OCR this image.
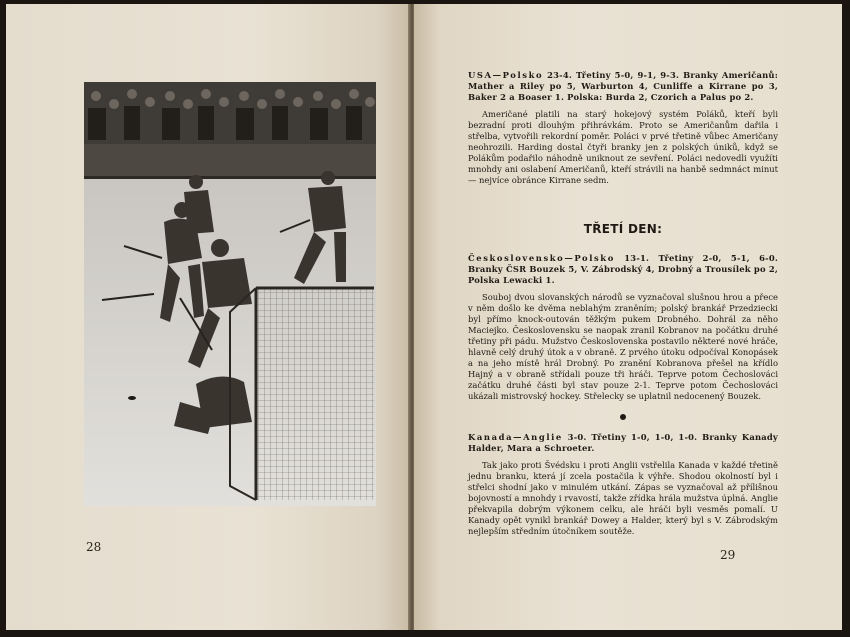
28

USA—Polsko 23-4. Třetiny 5-0, 9-1, 9-3. Branky Američanů: Mather a Riley po 5, Warburton 4, Cunliffe a Kirrane po 3, Baker 2 a Boaser 1. Polska: Burda 2, Czorich a Palus po 2.

Američané platili na starý hokejový systém Poláků, kteří byli bezradní proti dlouhým přihrávkám. Proto se Američanům dařila i střelba, vytvořili rekordní poměr. Poláci v prvé třetině vůbec Američany neohrozili. Harding dostal čtyři branky jen z polských úniků, když se Polákům podařilo náhodně uniknout ze sevření. Poláci nedovedli využíti mnohdy ani oslabení Američanů, kteří strávili na hanbě sedmnáct minut — nejvíce obránce Kirrane sedm.

TŘETÍ DEN:

Československo—Polsko 13-1. Třetiny 2-0, 5-1, 6-0. Branky ČSR Bouzek 5, V. Zábrodský 4, Drobný a Trousílek po 2, Polska Lewacki 1.

Souboj dvou slovanských národů se vyznačoval slušnou hrou a přece v něm došlo ke dvěma neblahým zraněním; polský brankář Przedziecki byl přímo knock-outován těžkým pukem Drobného. Dohrál za něho Maciejko. Československu se naopak zranil Kobranov na počátku druhé třetiny při pádu. Mužstvo Československa postavilo některé nové hráče, hlavně celý druhý útok a v obraně. Z prvého útoku odpočíval Konopásek a na jeho místě hrál Drobný. Po zranění Kobranova přešel na křídlo Hajný a v obraně střídali pouze tři hráči. Teprve potom Čechoslováci začátku druhé části byl stav pouze 2-1. Teprve potom Čechoslováci ukázali mistrovský hockey. Střelecky se uplatnil nedocenený Bouzek.

Kanada—Anglie 3-0. Třetiny 1-0, 1-0, 1-0. Branky Kanady Halder, Mara a Schroeter.

Tak jako proti Švédsku i proti Anglii vstřelila Kanada v každé třetině jednu branku, která jí zcela postačila k výhře. Shodou okolností byl i střelci shodní jako v minulém utkání. Zápas se vyznačoval až přílišnou bojovností a mnohdy i rvavostí, takže zřídka hrála mužstva úplná. Anglie překvapila dobrým výkonem celku, ale hráči byli vesměs pomalí. U Kanady opět vynikl brankář Dowey a Halder, který byl s V. Zábrodským nejlepším středním útočníkem soutěže.

29
